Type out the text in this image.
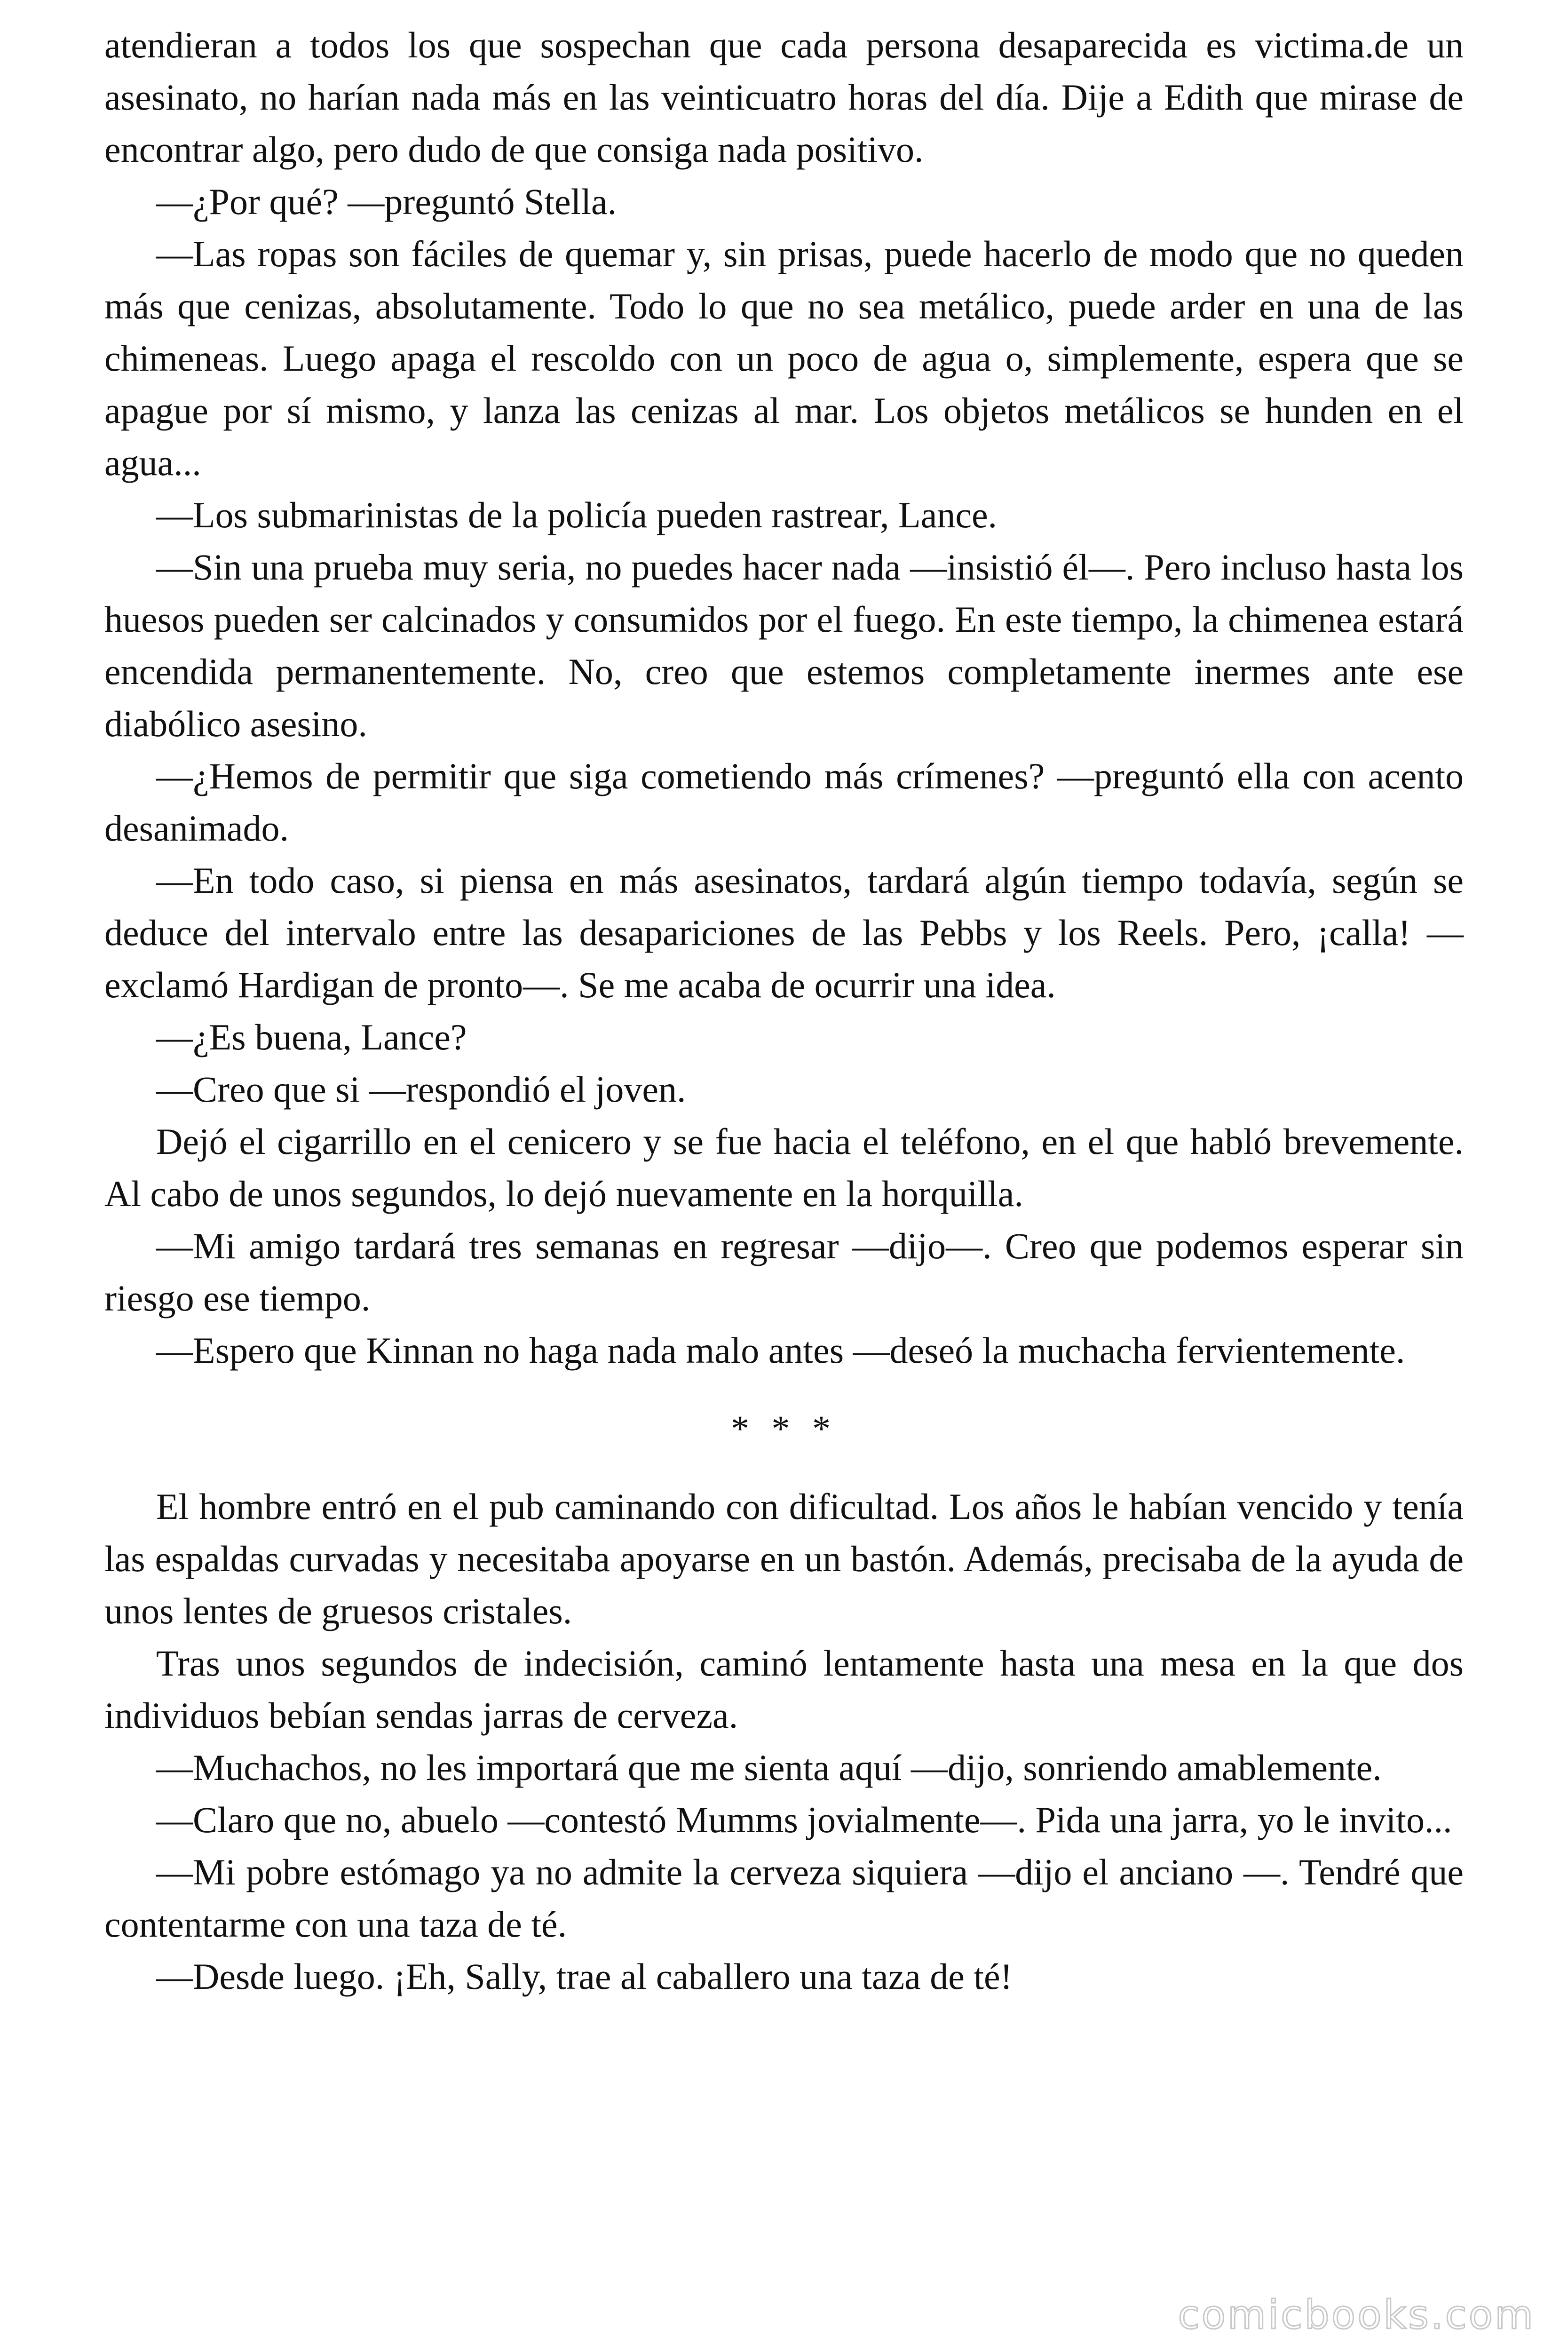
atendieran a todos los que sospechan que cada persona desaparecida es victima.de un asesinato, no harían nada más en las veinticuatro horas del día. Dije a Edith que mirase de encontrar algo, pero dudo de que consiga nada positivo.

—¿Por qué? —preguntó Stella.

—Las ropas son fáciles de quemar y, sin prisas, puede hacerlo de modo que no queden más que cenizas, absolutamente. Todo lo que no sea metálico, puede arder en una de las chimeneas. Luego apaga el rescoldo con un poco de agua o, simplemente, espera que se apague por sí mismo, y lanza las cenizas al mar. Los objetos metálicos se hunden en el agua...

—Los submarinistas de la policía pueden rastrear, Lance.

—Sin una prueba muy seria, no puedes hacer nada —insistió él—. Pero incluso hasta los huesos pueden ser calcinados y consumidos por el fuego. En este tiempo, la chimenea estará encendida permanentemente. No, creo que estemos completamente inermes ante ese diabólico asesino.

—¿Hemos de permitir que siga cometiendo más crímenes? —preguntó ella con acento desanimado.

—En todo caso, si piensa en más asesinatos, tardará algún tiempo todavía, según se deduce del intervalo entre las desapariciones de las Pebbs y los Reels. Pero, ¡calla! —exclamó Hardigan de pronto—. Se me acaba de ocurrir una idea.

—¿Es buena, Lance?

—Creo que si —respondió el joven.

Dejó el cigarrillo en el cenicero y se fue hacia el teléfono, en el que habló brevemente. Al cabo de unos segundos, lo dejó nuevamente en la horquilla.

—Mi amigo tardará tres semanas en regresar —dijo—. Creo que podemos esperar sin riesgo ese tiempo.

—Espero que Kinnan no haga nada malo antes —deseó la muchacha fervientemente.

* * *

El hombre entró en el pub caminando con dificultad. Los años le habían vencido y tenía las espaldas curvadas y necesitaba apoyarse en un bastón. Además, precisaba de la ayuda de unos lentes de gruesos cristales.

Tras unos segundos de indecisión, caminó lentamente hasta una mesa en la que dos individuos bebían sendas jarras de cerveza.

—Muchachos, no les importará que me sienta aquí —dijo, sonriendo amablemente.

—Claro que no, abuelo —contestó Mumms jovialmente—. Pida una jarra, yo le invito...

—Mi pobre estómago ya no admite la cerveza siquiera —dijo el anciano —. Tendré que contentarme con una taza de té.

—Desde luego. ¡Eh, Sally, trae al caballero una taza de té!

comicbooks.com
